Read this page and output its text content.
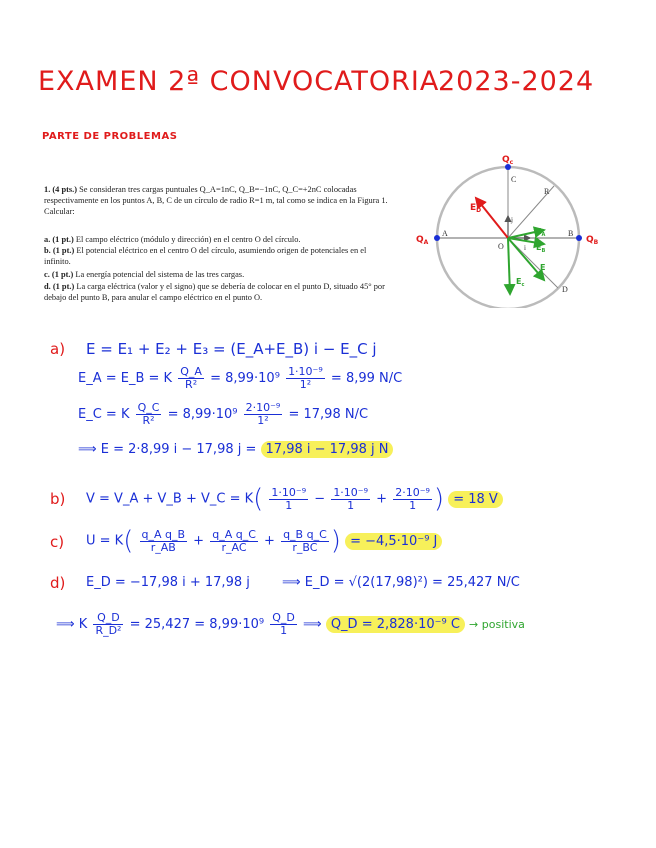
EXAMEN 2ª CONVOCATORIA
2023-2024
PARTE DE PROBLEMAS
1. (4 pts.) Se consideran tres cargas puntuales Q_A=1nC, Q_B=−1nC, Q_C=+2nC colocadas respectivamente en los puntos A, B, C de un círculo de radio R=1 m, tal como se indica en la Figura 1. Calcular:
a. (1 pt.) El campo eléctrico (módulo y dirección) en el centro O del círculo.
b. (1 pt.) El potencial eléctrico en el centro O del círculo, asumiendo origen de potenciales en el infinito.
c. (1 pt.) La energía potencial del sistema de las tres cargas.
d. (1 pt.) La carga eléctrica (valor y el signo) que se debería de colocar en el punto D, situado 45° por debajo del punto B, para anular el campo eléctrico en el punto O.
C
A	B
D
O
R
i
j
$Q_c$
$Q_A$	$Q_B$
$E_D$
$E_A$
$E_B$
$E_c$
E
a) E = E₁ + E₂ + E₃ = (E_A+E_B) i − E_C j
E_A = E_B = K $\frac{Q\_A}{\text{R²}} = 8,99\cdot 10^9 \frac{\text{1·10⁻⁹}}{\text{1²}} = 8,99$ N/C
E_C = K $\frac{Q\_C}{\text{R²}} = 8,99\cdot 10^9 \frac{\text{2·10⁻⁹}}{\text{1²}} = 17,98$ N/C
⟹ E = 2·8,99 i − 17,98 j = 17,98 i − 17,98 j N
b) V = V_A + V_B + V_C = $K( \frac{\text{1·10⁻⁹}}{1} - \frac{\text{1·10⁻⁹}}{1} + \frac{\text{2·10⁻⁹}}{1}$ ) = 18 V
c) $U = K( \frac{\text{q\_A q\_B}}{r\_AB} + \frac{\text{q\_A q\_C}}{r\_AC} + \frac{\text{q\_B q\_C}}{r\_BC}$ ) = −4,5·10⁻⁹ J
d) E_D = −17,98 i + 17,98 j ⟹ E_D = √(2(17,98)²) = 25,427 N/C
⟹ K $\frac{Q\_D}{\text{R\_D²}} = 25,427 = 8,99\cdot 10^9 \frac{Q\_D}{1}$ ⟹ Q_D = 2,828·10⁻⁹ C → positiva
